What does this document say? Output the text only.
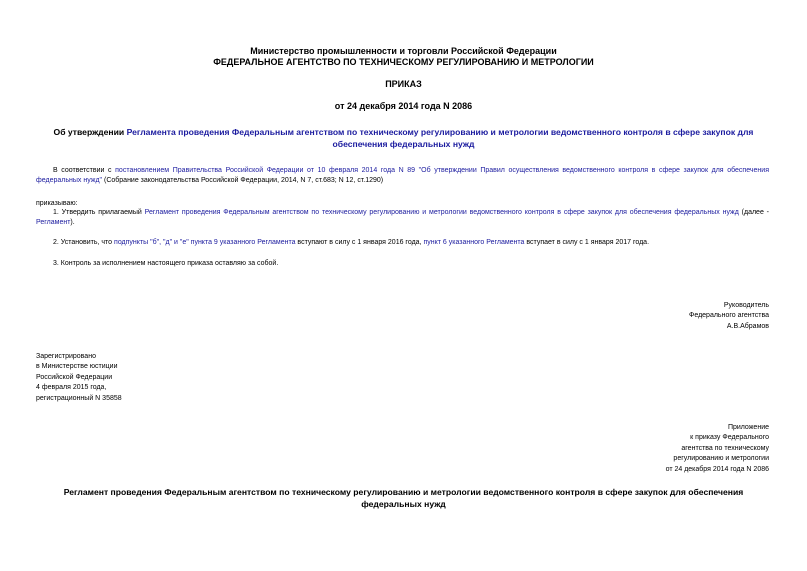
Министерство промышленности и торговли Российской Федерации
ФЕДЕРАЛЬНОЕ АГЕНТСТВО ПО ТЕХНИЧЕСКОМУ РЕГУЛИРОВАНИЮ И МЕТРОЛОГИИ
ПРИКАЗ
от 24 декабря 2014 года N 2086
Об утверждении Регламента проведения Федеральным агентством по техническому регулированию и метрологии ведомственного контроля в сфере закупок для обеспечения федеральных нужд
В соответствии с постановлением Правительства Российской Федерации от 10 февраля 2014 года N 89 "Об утверждении Правил осуществления ведомственного контроля в сфере закупок для обеспечения федеральных нужд" (Собрание законодательства Российской Федерации, 2014, N 7, ст.683; N 12, ст.1290)
приказываю:
1. Утвердить прилагаемый Регламент проведения Федеральным агентством по техническому регулированию и метрологии ведомственного контроля в сфере закупок для обеспечения федеральных нужд (далее - Регламент).
2. Установить, что подпункты "б", "д" и "е" пункта 9 указанного Регламента вступают в силу с 1 января 2016 года, пункт 6 указанного Регламента вступает в силу с 1 января 2017 года.
3. Контроль за исполнением настоящего приказа оставляю за собой.
Руководитель
Федерального агентства
А.В.Абрамов
Зарегистрировано
в Министерстве юстиции
Российской Федерации
4 февраля 2015 года,
регистрационный N 35858
Приложение
к приказу Федерального
агентства по техническому
регулированию и метрологии
от 24 декабря 2014 года N 2086
Регламент проведения Федеральным агентством по техническому регулированию и метрологии ведомственного контроля в сфере закупок для обеспечения федеральных нужд
